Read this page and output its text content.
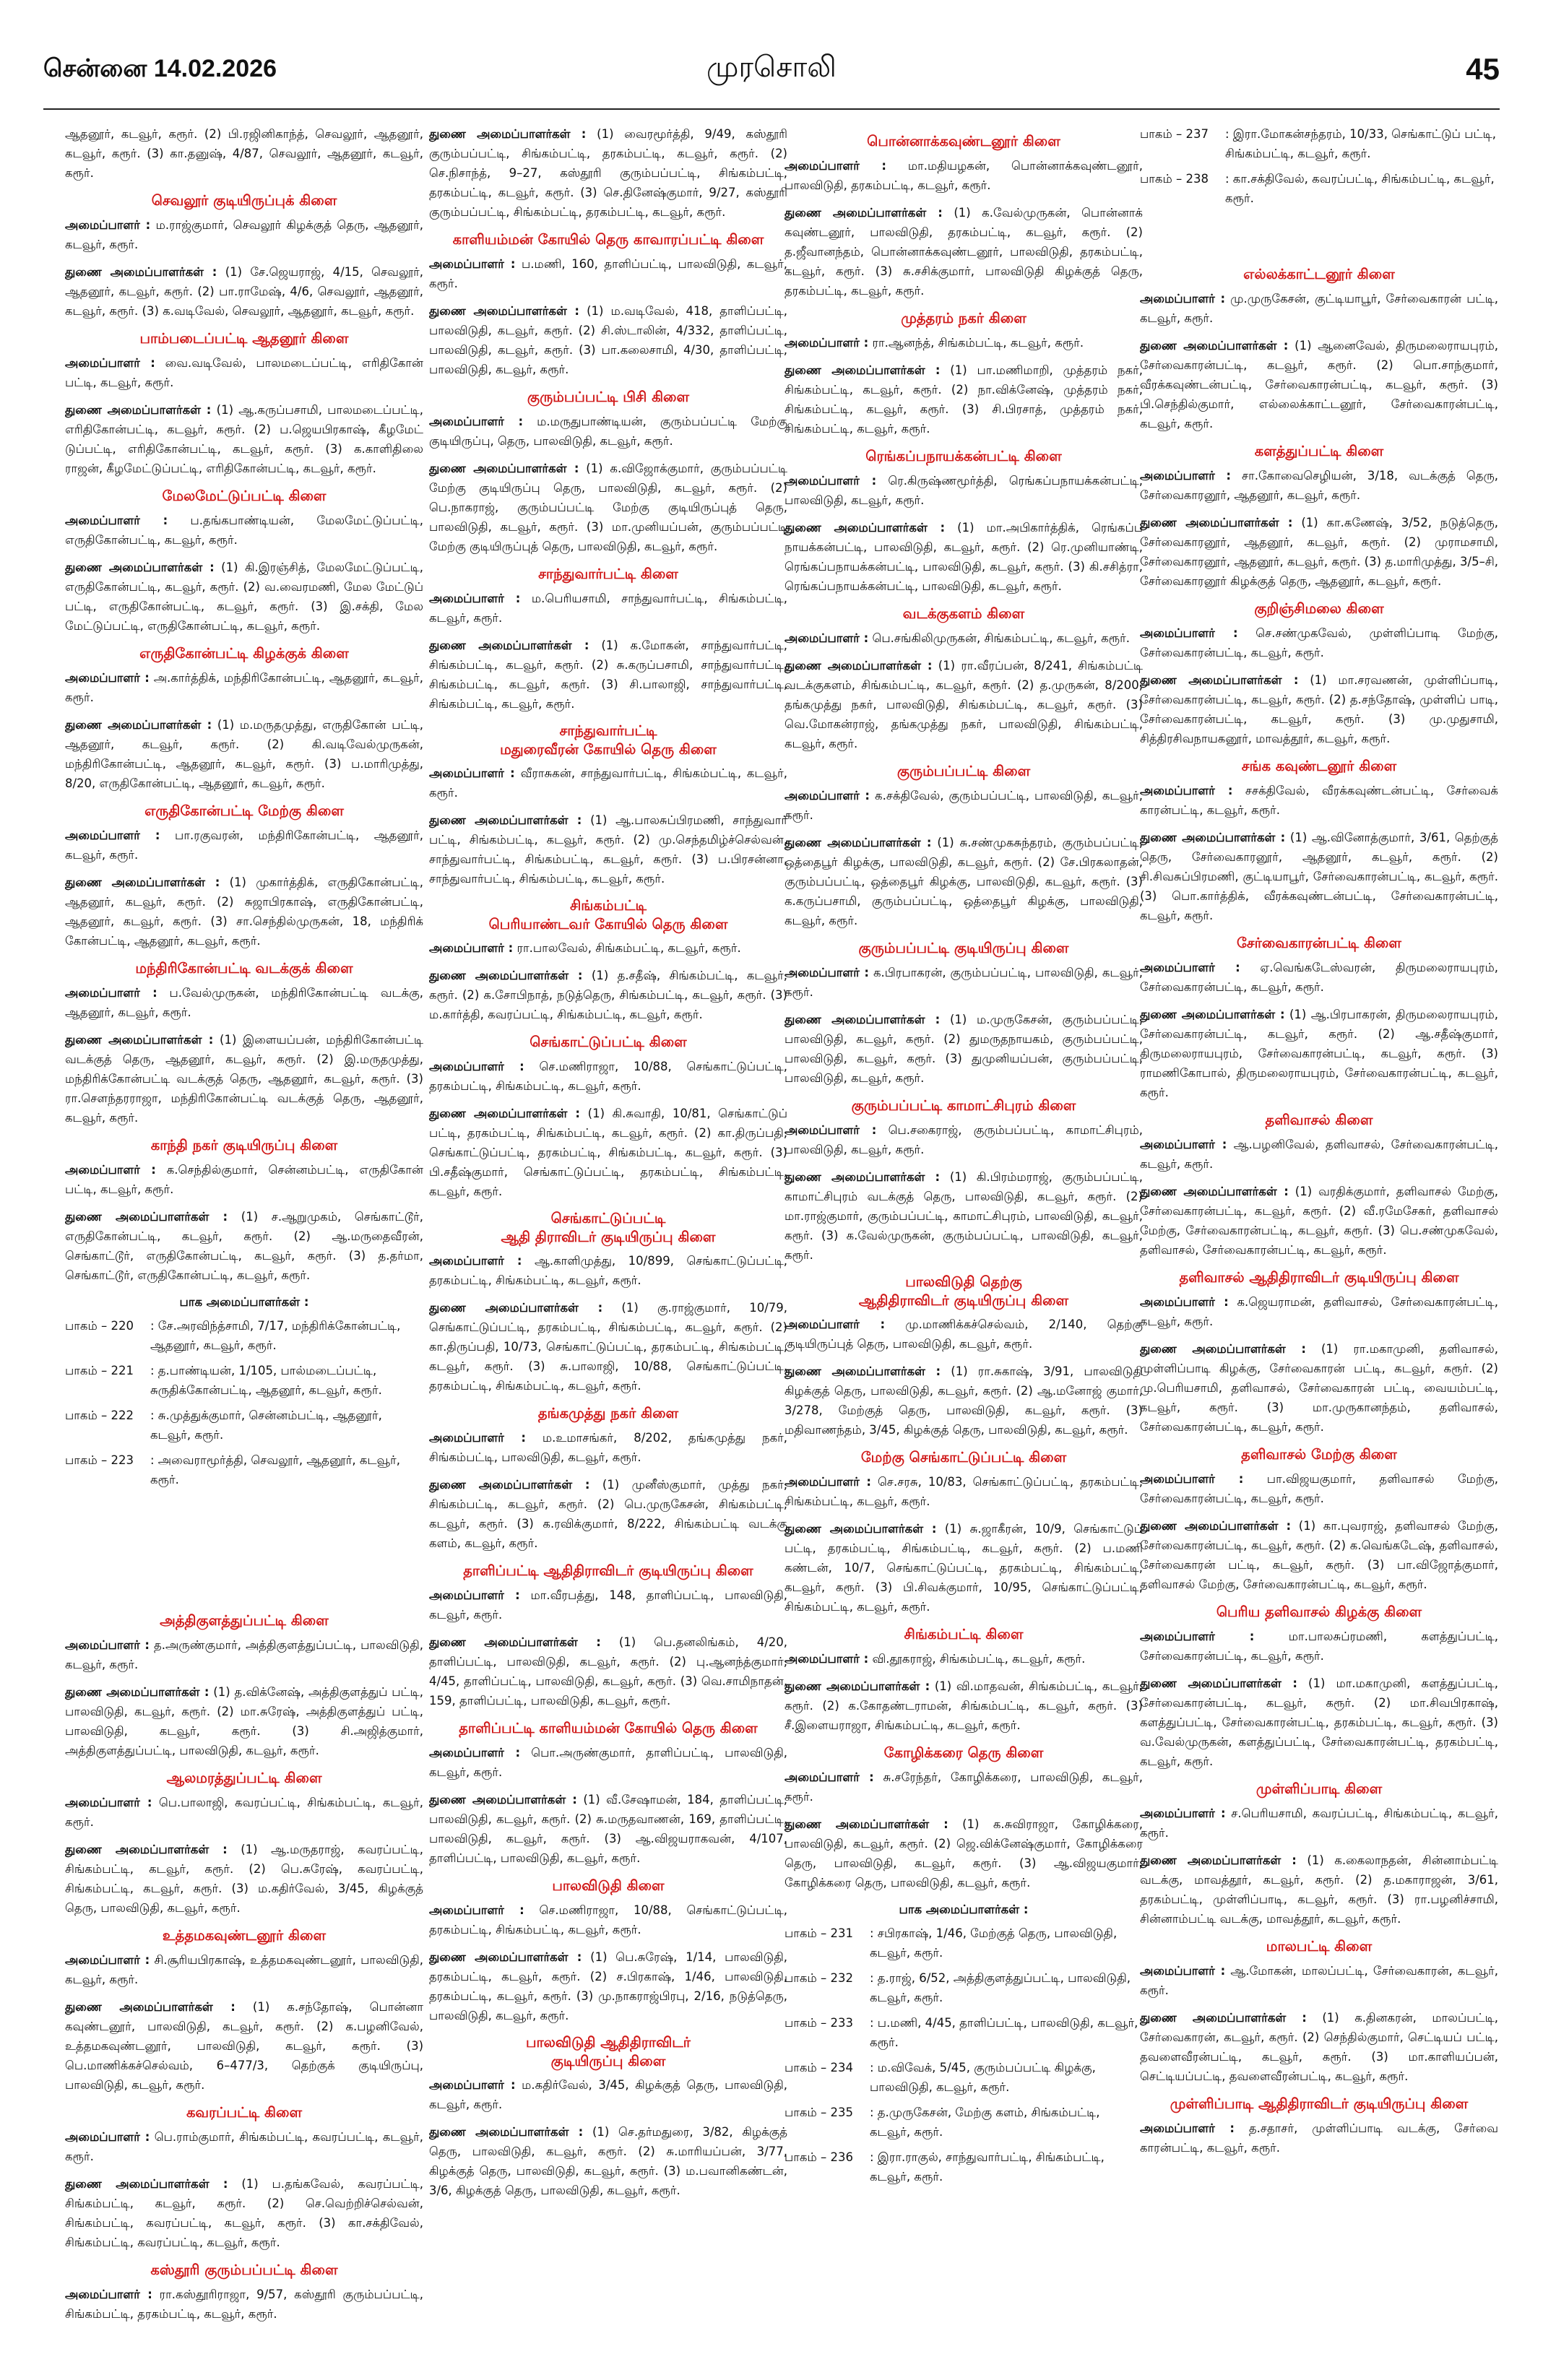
சென்னை 14.02.2026	முரசொலி	45

ஆதனூர், கடவூர், கரூர். (2) பி.ரஜினிகாந்த், செவலூர், ஆதனூர், கடவூர், கரூர். (3) கா.தனுஷ், 4/87, செவலூர், ஆதனூர், கடவூர், கரூர்.

செவலூர் குடியிருப்புக் கிளை

அமைப்பாளர் : ம.ராஜ்குமார், செவலூர் கிழக்குத் தெரு, ஆதனூர், கடவூர், கரூர்.

துணை அமைப்பாளர்கள் : (1) சே.ஜெயராஜ், 4/15, செவலூர், ஆதனூர், கடவூர், கரூர். (2) பா.ராமேஷ், 4/6, செவலூர், ஆதனூர், கடவூர், கரூர். (3) க.வடிவேல், செவலூர், ஆதனூர், கடவூர், கரூர்.

பாம்படைப்பட்டி ஆதனூர் கிளை

அமைப்பாளர் : வை.வடிவேல், பாலமடைப்பட்டி, எரிதிகோன் பட்டி, கடவூர், கரூர்.

துணை அமைப்பாளர்கள் : (1) ஆ.கருப்பசாமி, பாலமடைப்பட்டி, எரிதிகோன்பட்டி, கடவூர், கரூர். (2) ப.ஜெயபிரகாஷ், கீழமேட் டுப்பட்டி, எரிதிகோன்பட்டி, கடவூர், கரூர். (3) க.காளிதிலை ராஜன், கீழமேட்டுப்பட்டி, எரிதிகோன்பட்டி, கடவூர், கரூர்.

மேலமேட்டுப்பட்டி கிளை

அமைப்பாளர் : ப.தங்கபாண்டியன், மேலமேட்டுப்பட்டி, எருதிகோன்பட்டி, கடவூர், கரூர்.

துணை அமைப்பாளர்கள் : (1) கி.இரஞ்சித், மேலமேட்டுப்பட்டி, எருதிகோன்பட்டி, கடவூர், கரூர். (2) வ.வைரமணி, மேல மேட்டுப் பட்டி, எருதிகோன்பட்டி, கடவூர், கரூர். (3) இ.சக்தி, மேல மேட்டுப்பட்டி, எருதிகோன்பட்டி, கடவூர், கரூர்.

எருதிகோன்பட்டி கிழக்குக் கிளை

அமைப்பாளர் : அ.கார்த்திக், மந்திரிகோன்பட்டி, ஆதனூர், கடவூர், கரூர்.

துணை அமைப்பாளர்கள் : (1) ம.மருதமுத்து, எருதிகோன் பட்டி, ஆதனூர், கடவூர், கரூர். (2) கி.வடிவேல்முருகன், மந்திரிகோன்பட்டி, ஆதனூர், கடவூர், கரூர். (3) ப.மாரிமுத்து, 8/20, எருதிகோன்பட்டி, ஆதனூர், கடவூர், கரூர்.

எருதிகோன்பட்டி மேற்கு கிளை

அமைப்பாளர் : பா.ரகுவரன், மந்திரிகோன்பட்டி, ஆதனூர், கடவூர், கரூர்.

துணை அமைப்பாளர்கள் : (1) முகார்த்திக், எருதிகோன்பட்டி, ஆதனூர், கடவூர், கரூர். (2) சுஜாபிரகாஷ், எருதிகோன்பட்டி, ஆதனூர், கடவூர், கரூர். (3) சா.செந்தில்முருகன், 18, மந்திரிக் கோன்பட்டி, ஆதனூர், கடவூர், கரூர்.

மந்திரிகோன்பட்டி வடக்குக் கிளை

அமைப்பாளர் : ப.வேல்முருகன், மந்திரிகோன்பட்டி வடக்கு, ஆதனூர், கடவூர், கரூர்.

துணை அமைப்பாளர்கள் : (1) இளையப்பன், மந்திரிகோன்பட்டி வடக்குத் தெரு, ஆதனூர், கடவூர், கரூர். (2) இ.மருதமுத்து, மந்திரிக்கோன்பட்டி வடக்குத் தெரு, ஆதனூர், கடவூர், கரூர். (3) ரா.செளந்தரராஜா, மந்திரிகோன்பட்டி வடக்குத் தெரு, ஆதனூர், கடவூர், கரூர்.

காந்தி நகர் குடியிருப்பு கிளை

அமைப்பாளர் : க.செந்தில்குமார், சென்னம்பட்டி, எருதிகோன் பட்டி, கடவூர், கரூர்.

துணை அமைப்பாளர்கள் : (1) ச.ஆறுமுகம், செங்காட்டூர், எருதிகோன்பட்டி, கடவூர், கரூர். (2) ஆ.மருதைவீரன், செங்காட்டூர், எருதிகோன்பட்டி, கடவூர், கரூர். (3) த.தர்மா, செங்காட்டூர், எருதிகோன்பட்டி, கடவூர், கரூர்.

பாக அமைப்பாளர்கள் :
பாகம் – 220	: சே.அரவிந்த்சாமி, 7/17, மந்திரிக்கோன்பட்டி, ஆதனூர், கடவூர், கரூர்.
பாகம் – 221	: த.பாண்டியன், 1/105, பால்மடைப்பட்டி, சுருதிக்கோன்பட்டி, ஆதனூர், கடவூர், கரூர்.
பாகம் – 222	: சு.முத்துக்குமார், சென்னம்பட்டி, ஆதனூர், கடவூர், கரூர்.
பாகம் – 223	: அவைராமூர்த்தி, செவலூர், ஆதனூர், கடவூர், கரூர்.
அத்திகுளத்துப்பட்டி கிளை

அமைப்பாளர் : த.அருண்குமார், அத்திகுளத்துப்பட்டி, பாலவிடுதி, கடவூர், கரூர்.

துணை அமைப்பாளர்கள் : (1) த.விக்னேஷ், அத்திகுளத்துப் பட்டி, பாலவிடுதி, கடவூர், கரூர். (2) மா.சுரேஷ், அத்திகுளத்துப் பட்டி, பாலவிடுதி, கடவூர், கரூர். (3) சி.அஜித்குமார், அத்திகுளத்துப்பட்டி, பாலவிடுதி, கடவூர், கரூர்.

ஆலமரத்துப்பட்டி கிளை

அமைப்பாளர் : பெ.பாலாஜி, கவரப்பட்டி, சிங்கம்பட்டி, கடவூர், கரூர்.

துணை அமைப்பாளர்கள் : (1) ஆ.மருதராஜ், கவரப்பட்டி, சிங்கம்பட்டி, கடவூர், கரூர். (2) பெ.சுரேஷ், கவரப்பட்டி, சிங்கம்பட்டி, கடவூர், கரூர். (3) ம.கதிர்வேல், 3/45, கிழக்குத் தெரு, பாலவிடுதி, கடவூர், கரூர்.

உத்தமகவுண்டனூர் கிளை

அமைப்பாளர் : சி.சூரியபிரகாஷ், உத்தமகவுண்டனூர், பாலவிடுதி, கடவூர், கரூர்.

துணை அமைப்பாளர்கள் : (1) க.சந்தோஷ், பொன்னா கவுண்டனூர், பாலவிடுதி, கடவூர், கரூர். (2) க.பழனிவேல், உத்தமகவுண்டனூர், பாலவிடுதி, கடவூர், கரூர். (3) பெ.மாணிக்கச்செல்வம், 6–477/3, தெற்குக் குடியிருப்பு, பாலவிடுதி, கடவூர், கரூர்.

கவரப்பட்டி கிளை

அமைப்பாளர் : பெ.ராம்குமார், சிங்கம்பட்டி, கவரப்பட்டி, கடவூர், கரூர்.

துணை அமைப்பாளர்கள் : (1) ப.தங்கவேல், கவரப்பட்டி, சிங்கம்பட்டி, கடவூர், கரூர். (2) செ.வெற்றிச்செல்வன், சிங்கம்பட்டி, கவரப்பட்டி, கடவூர், கரூர். (3) கா.சக்திவேல், சிங்கம்பட்டி, கவரப்பட்டி, கடவூர், கரூர்.

கஸ்தூரி குரும்பப்பட்டி கிளை

அமைப்பாளர் : ரா.கஸ்தூரிராஜா, 9/57, கஸ்தூரி குரும்பப்பட்டி, சிங்கம்பட்டி, தரகம்பட்டி, கடவூர், கரூர்.

துணை அமைப்பாளர்கள் : (1) வைரமூர்த்தி, 9/49, கஸ்தூரி குரும்பப்பட்டி, சிங்கம்பட்டி, தரகம்பட்டி, கடவூர், கரூர். (2) செ.நிசாந்த், 9–27, கஸ்தூரி குரும்பப்பட்டி, சிங்கம்பட்டி, தரகம்பட்டி, கடவூர், கரூர். (3) செ.தினேஷ்குமார், 9/27, கஸ்தூரி குரும்பப்பட்டி, சிங்கம்பட்டி, தரகம்பட்டி, கடவூர், கரூர்.

காளியம்மன் கோயில் தெரு காவாரப்பட்டி கிளை

அமைப்பாளர் : ப.மணி, 160, தாளிப்பட்டி, பாலவிடுதி, கடவூர், கரூர்.

துணை அமைப்பாளர்கள் : (1) ம.வடிவேல், 418, தாளிப்பட்டி, பாலவிடுதி, கடவூர், கரூர். (2) சி.ஸ்டாலின், 4/332, தாளிப்பட்டி, பாலவிடுதி, கடவூர், கரூர். (3) பா.கலைசாமி, 4/30, தாளிப்பட்டி, பாலவிடுதி, கடவூர், கரூர்.

குரும்பப்பட்டி பிசி கிளை

அமைப்பாளர் : ம.மருதுபாண்டியன், குரும்பப்பட்டி மேற்கு குடியிருப்பு, தெரு, பாலவிடுதி, கடவூர், கரூர்.

துணை அமைப்பாளர்கள் : (1) க.விஜோக்குமார், குரும்பப்பட்டி மேற்கு குடியிருப்பு தெரு, பாலவிடுதி, கடவூர், கரூர். (2) பெ.நாகராஜ், குரும்பப்பட்டி மேற்கு குடியிருப்புத் தெரு, பாலவிடுதி, கடவூர், கரூர். (3) மா.முனியப்பன், குரும்பப்பட்டி மேற்கு குடியிருப்புத் தெரு, பாலவிடுதி, கடவூர், கரூர்.

சாந்துவார்பட்டி கிளை

அமைப்பாளர் : ம.பெரியசாமி, சாந்துவார்பட்டி, சிங்கம்பட்டி, கடவூர், கரூர்.

துணை அமைப்பாளர்கள் : (1) க.மோகன், சாந்துவார்பட்டி, சிங்கம்பட்டி, கடவூர், கரூர். (2) சு.கருப்பசாமி, சாந்துவார்பட்டி, சிங்கம்பட்டி, கடவூர், கரூர். (3) சி.பாலாஜி, சாந்துவார்பட்டி, சிங்கம்பட்டி, கடவூர், கரூர்.

சாந்துவார்பட்டி
மதுரைவீரன் கோயில் தெரு கிளை

அமைப்பாளர் : வீராசுகன், சாந்துவார்பட்டி, சிங்கம்பட்டி, கடவூர், கரூர்.

துணை அமைப்பாளர்கள் : (1) ஆ.பாலசுப்பிரமணி, சாந்துவார் பட்டி, சிங்கம்பட்டி, கடவூர், கரூர். (2) மு.செந்தமிழ்ச்செல்வன், சாந்துவார்பட்டி, சிங்கம்பட்டி, கடவூர், கரூர். (3) ப.பிரசன்னா, சாந்துவார்பட்டி, சிங்கம்பட்டி, கடவூர், கரூர்.

சிங்கம்பட்டி
பெரியாண்டவர் கோயில் தெரு கிளை

அமைப்பாளர் : ரா.பாலவேல், சிங்கம்பட்டி, கடவூர், கரூர்.

துணை அமைப்பாளர்கள் : (1) த.சதீஷ், சிங்கம்பட்டி, கடவூர், கரூர். (2) க.சோபிநாத், நடுத்தெரு, சிங்கம்பட்டி, கடவூர், கரூர். (3) ம.கார்த்தி, கவரப்பட்டி, சிங்கம்பட்டி, கடவூர், கரூர்.

செங்காட்டுப்பட்டி கிளை

அமைப்பாளர் : செ.மணிராஜா, 10/88, செங்காட்டுப்பட்டி, தரகம்பட்டி, சிங்கம்பட்டி, கடவூர், கரூர்.

துணை அமைப்பாளர்கள் : (1) கி.சுவாதி, 10/81, செங்காட்டுப் பட்டி, தரகம்பட்டி, சிங்கம்பட்டி, கடவூர், கரூர். (2) கா.திருப்பதி, செங்காட்டுப்பட்டி, தரகம்பட்டி, சிங்கம்பட்டி, கடவூர், கரூர். (3) பி.சதீஷ்குமார், செங்காட்டுப்பட்டி, தரகம்பட்டி, சிங்கம்பட்டி, கடவூர், கரூர்.

செங்காட்டுப்பட்டி
ஆதி திராவிடர் குடியிருப்பு கிளை

அமைப்பாளர் : ஆ.காளிமுத்து, 10/899, செங்காட்டுப்பட்டி, தரகம்பட்டி, சிங்கம்பட்டி, கடவூர், கரூர்.

துணை அமைப்பாளர்கள் : (1) கு.ராஜ்குமார், 10/79, செங்காட்டுப்பட்டி, தரகம்பட்டி, சிங்கம்பட்டி, கடவூர், கரூர். (2) கா.திருப்பதி, 10/73, செங்காட்டுப்பட்டி, தரகம்பட்டி, சிங்கம்பட்டி, கடவூர், கரூர். (3) சு.பாலாஜி, 10/88, செங்காட்டுப்பட்டி, தரகம்பட்டி, சிங்கம்பட்டி, கடவூர், கரூர்.

தங்கமுத்து நகர் கிளை

அமைப்பாளர் : ம.உமாசங்கர், 8/202, தங்கமுத்து நகர், சிங்கம்பட்டி, பாலவிடுதி, கடவூர், கரூர்.

துணை அமைப்பாளர்கள் : (1) முனீஸ்குமார், முத்து நகர், சிங்கம்பட்டி, கடவூர், கரூர். (2) பெ.முருகேசன், சிங்கம்பட்டி, கடவூர், கரூர். (3) க.ரவிக்குமார், 8/222, சிங்கம்பட்டி வடக்கு களம், கடவூர், கரூர்.

தாளிப்பட்டி ஆதிதிராவிடர் குடியிருப்பு கிளை

அமைப்பாளர் : மா.வீரபத்து, 148, தாளிப்பட்டி, பாலவிடுதி, கடவூர், கரூர்.

துணை அமைப்பாளர்கள் : (1) பெ.தனலிங்கம், 4/20, தாளிப்பட்டி, பாலவிடுதி, கடவூர், கரூர். (2) பு.ஆனந்த்குமார், 4/45, தாளிப்பட்டி, பாலவிடுதி, கடவூர், கரூர். (3) வெ.சாமிநாதன், 159, தாளிப்பட்டி, பாலவிடுதி, கடவூர், கரூர்.

தாளிப்பட்டி காளியம்மன் கோயில் தெரு கிளை

அமைப்பாளர் : பொ.அருண்குமார், தாளிப்பட்டி, பாலவிடுதி, கடவூர், கரூர்.

துணை அமைப்பாளர்கள் : (1) வீ.சேஷாமன், 184, தாளிப்பட்டி, பாலவிடுதி, கடவூர், கரூர். (2) சு.மருதவாணன், 169, தாளிப்பட்டி, பாலவிடுதி, கடவூர், கரூர். (3) ஆ.விஜயராகவன், 4/107, தாளிப்பட்டி, பாலவிடுதி, கடவூர், கரூர்.

பாலவிடுதி கிளை

அமைப்பாளர் : செ.மணிராஜா, 10/88, செங்காட்டுப்பட்டி, தரகம்பட்டி, சிங்கம்பட்டி, கடவூர், கரூர்.

துணை அமைப்பாளர்கள் : (1) பெ.சுரேஷ், 1/14, பாலவிடுதி, தரகம்பட்டி, கடவூர், கரூர். (2) ச.பிரகாஷ், 1/46, பாலவிடுதி, தரகம்பட்டி, கடவூர், கரூர். (3) மு.நாகராஜ்பிரபு, 2/16, நடுத்தெரு, பாலவிடுதி, கடவூர், கரூர்.

பாலவிடுதி ஆதிதிராவிடர்
குடியிருப்பு கிளை

அமைப்பாளர் : ம.கதிர்வேல், 3/45, கிழக்குத் தெரு, பாலவிடுதி, கடவூர், கரூர்.

துணை அமைப்பாளர்கள் : (1) செ.தர்மதுரை, 3/82, கிழக்குத் தெரு, பாலவிடுதி, கடவூர், கரூர். (2) சு.மாரியப்பன், 3/77, கிழக்குத் தெரு, பாலவிடுதி, கடவூர், கரூர். (3) ம.பவானிகண்டன், 3/6, கிழக்குத் தெரு, பாலவிடுதி, கடவூர், கரூர்.

பொன்னாக்கவுண்டனூர் கிளை

அமைப்பாளர் : மா.மதியழகன், பொன்னாக்கவுண்டனூர், பாலவிடுதி, தரகம்பட்டி, கடவூர், கரூர்.

துணை அமைப்பாளர்கள் : (1) க.வேல்முருகன், பொன்னாக் கவுண்டனூர், பாலவிடுதி, தரகம்பட்டி, கடவூர், கரூர். (2) த.ஜீவானந்தம், பொன்னாக்கவுண்டனூர், பாலவிடுதி, தரகம்பட்டி, கடவூர், கரூர். (3) சு.சசிக்குமார், பாலவிடுதி கிழக்குத் தெரு, தரகம்பட்டி, கடவூர், கரூர்.

முத்தரம் நகர் கிளை

அமைப்பாளர் : ரா.ஆனந்த், சிங்கம்பட்டி, கடவூர், கரூர்.

துணை அமைப்பாளர்கள் : (1) பா.மணிமாறி, முத்தரம் நகர், சிங்கம்பட்டி, கடவூர், கரூர். (2) நா.விக்னேஷ், முத்தரம் நகர், சிங்கம்பட்டி, கடவூர், கரூர். (3) சி.பிரசாத், முத்தரம் நகர், சிங்கம்பட்டி, கடவூர், கரூர்.

ரெங்கப்பநாயக்கன்பட்டி கிளை

அமைப்பாளர் : ரெ.கிருஷ்ணமூர்த்தி, ரெங்கப்பநாயக்கன்பட்டி, பாலவிடுதி, கடவூர், கரூர்.

துணை அமைப்பாளர்கள் : (1) மா.அபிகார்த்திக், ரெங்கப்ப நாயக்கன்பட்டி, பாலவிடுதி, கடவூர், கரூர். (2) ரெ.முனியாண்டி, ரெங்கப்பநாயக்கன்பட்டி, பாலவிடுதி, கடவூர், கரூர். (3) கி.சசித்ரா, ரெங்கப்பநாயக்கன்பட்டி, பாலவிடுதி, கடவூர், கரூர்.

வடக்குகளம் கிளை

அமைப்பாளர் : பெ.சங்கிலிமுருகன், சிங்கம்பட்டி, கடவூர், கரூர்.

துணை அமைப்பாளர்கள் : (1) ரா.வீரப்பன், 8/241, சிங்கம்பட்டி வடக்குகளம், சிங்கம்பட்டி, கடவூர், கரூர். (2) த.முருகன், 8/200, தங்கமுத்து நகர், பாலவிடுதி, சிங்கம்பட்டி, கடவூர், கரூர். (3) வெ.மோகன்ராஜ், தங்கமுத்து நகர், பாலவிடுதி, சிங்கம்பட்டி, கடவூர், கரூர்.

குரும்பப்பட்டி கிளை

அமைப்பாளர் : க.சக்திவேல், குரும்பப்பட்டி, பாலவிடுதி, கடவூர், கரூர்.

துணை அமைப்பாளர்கள் : (1) சு.சண்முகசுந்தரம், குரும்பப்பட்டி, ஒத்தைபூர் கிழக்கு, பாலவிடுதி, கடவூர், கரூர். (2) சே.பிரகலாதன், குரும்பப்பட்டி, ஒத்தைபூர் கிழக்கு, பாலவிடுதி, கடவூர், கரூர். (3) க.கருப்பசாமி, குரும்பப்பட்டி, ஒத்தைபூர் கிழக்கு, பாலவிடுதி, கடவூர், கரூர்.

குரும்பப்பட்டி குடியிருப்பு கிளை

அமைப்பாளர் : க.பிரபாகரன், குரும்பப்பட்டி, பாலவிடுதி, கடவூர், கரூர்.

துணை அமைப்பாளர்கள் : (1) ம.முருகேசன், குரும்பப்பட்டி, பாலவிடுதி, கடவூர், கரூர். (2) துமருதநாயகம், குரும்பப்பட்டி, பாலவிடுதி, கடவூர், கரூர். (3) துமுனியப்பன், குரும்பப்பட்டி, பாலவிடுதி, கடவூர், கரூர்.

குரும்பப்பட்டி காமாட்சிபுரம் கிளை

அமைப்பாளர் : பெ.சகைராஜ், குரும்பப்பட்டி, காமாட்சிபுரம், பாலவிடுதி, கடவூர், கரூர்.

துணை அமைப்பாளர்கள் : (1) கி.பிரம்மராஜ், குரும்பப்பட்டி, காமாட்சிபுரம் வடக்குத் தெரு, பாலவிடுதி, கடவூர், கரூர். (2) மா.ராஜ்குமார், குரும்பப்பட்டி, காமாட்சிபுரம், பாலவிடுதி, கடவூர், கரூர். (3) க.வேல்முருகன், குரும்பப்பட்டி, பாலவிடுதி, கடவூர், கரூர்.

பாலவிடுதி தெற்கு
ஆதிதிராவிடர் குடியிருப்பு கிளை

அமைப்பாளர் : மு.மாணிக்கச்செல்வம், 2/140, தெற்கு குடியிருப்புத் தெரு, பாலவிடுதி, கடவூர், கரூர்.

துணை அமைப்பாளர்கள் : (1) ரா.சுகாஷ், 3/91, பாலவிடுதி கிழக்குத் தெரு, பாலவிடுதி, கடவூர், கரூர். (2) ஆ.மனோஜ் குமார், 3/278, மேற்குத் தெரு, பாலவிடுதி, கடவூர், கரூர். (3) மதிவாணந்தம், 3/45, கிழக்குத் தெரு, பாலவிடுதி, கடவூர், கரூர்.

மேற்கு செங்காட்டுப்பட்டி கிளை

அமைப்பாளர் : செ.சரசு, 10/83, செங்காட்டுப்பட்டி, தரகம்பட்டி, சிங்கம்பட்டி, கடவூர், கரூர்.

துணை அமைப்பாளர்கள் : (1) சு.ஜாகீரன், 10/9, செங்காட்டுப் பட்டி, தரகம்பட்டி, சிங்கம்பட்டி, கடவூர், கரூர். (2) ப.மணி கண்டன், 10/7, செங்காட்டுப்பட்டி, தரகம்பட்டி, சிங்கம்பட்டி, கடவூர், கரூர். (3) பி.சிவக்குமார், 10/95, செங்காட்டுப்பட்டி, சிங்கம்பட்டி, கடவூர், கரூர்.

சிங்கம்பட்டி கிளை

அமைப்பாளர் : வி.தூகராஜ், சிங்கம்பட்டி, கடவூர், கரூர்.

துணை அமைப்பாளர்கள் : (1) வி.மாதவன், சிங்கம்பட்டி, கடவூர், கரூர். (2) க.கோதண்டராமன், சிங்கம்பட்டி, கடவூர், கரூர். (3) சீ.இளையராஜா, சிங்கம்பட்டி, கடவூர், கரூர்.

கோழிக்கரை தெரு கிளை

அமைப்பாளர் : சு.சரேந்தர், கோழிக்கரை, பாலவிடுதி, கடவூர், கரூர்.

துணை அமைப்பாளர்கள் : (1) க.சுவிராஜா, கோழிக்கரை, பாலவிடுதி, கடவூர், கரூர். (2) ஜெ.விக்னேஷ்குமார், கோழிக்கரை தெரு, பாலவிடுதி, கடவூர், கரூர். (3) ஆ.விஜயகுமார், கோழிக்கரை தெரு, பாலவிடுதி, கடவூர், கரூர்.

பாக அமைப்பாளர்கள் :
பாகம் – 231	: சபிரகாஷ், 1/46, மேற்குத் தெரு, பாலவிடுதி, கடவூர், கரூர்.
பாகம் – 232	: த.ராஜ், 6/52, அத்திகுளத்துப்பட்டி, பாலவிடுதி, கடவூர், கரூர்.
பாகம் – 233	: ப.மணி, 4/45, தாளிப்பட்டி, பாலவிடுதி, கடவூர், கரூர்.
பாகம் – 234	: ம.விவேக், 5/45, குரும்பப்பட்டி கிழக்கு, பாலவிடுதி, கடவூர், கரூர்.
பாகம் – 235	: த.முருகேசன், மேற்கு களம், சிங்கம்பட்டி, கடவூர், கரூர்.
பாகம் – 236	: இரா.ராகுல், சாந்துவார்பட்டி, சிங்கம்பட்டி, கடவூர், கரூர்.
பாகம் – 237	: இரா.மோகன்சந்தரம், 10/33, செங்காட்டுப் பட்டி, சிங்கம்பட்டி, கடவூர், கரூர்.
பாகம் – 238	: கா.சக்திவேல், கவரப்பட்டி, சிங்கம்பட்டி, கடவூர், கரூர்.
எல்லக்காட்டனூர் கிளை

அமைப்பாளர் : மு.முருகேசன், குட்டியாபூர், சேர்வைகாரன் பட்டி, கடவூர், கரூர்.

துணை அமைப்பாளர்கள் : (1) ஆனைவேல், திருமலைராயபுரம், சேர்வைகாரன்பட்டி, கடவூர், கரூர். (2) பொ.சாந்குமார், வீரக்கவுண்டன்பட்டி, சேர்வைகாரன்பட்டி, கடவூர், கரூர். (3) பி.செந்தில்குமார், எல்லைக்காட்டனூர், சேர்வைகாரன்பட்டி, கடவூர், கரூர்.

களத்துப்பட்டி கிளை

அமைப்பாளர் : சா.கோவைசெழியன், 3/18, வடக்குத் தெரு, சேர்வைகாரனூர், ஆதனூர், கடவூர், கரூர்.

துணை அமைப்பாளர்கள் : (1) கா.கணேஷ், 3/52, நடுத்தெரு, சேர்வைகாரனூர், ஆதனூர், கடவூர், கரூர். (2) முராமசாமி, சேர்வைகாரனூர், ஆதனூர், கடவூர், கரூர். (3) த.மாரிமுத்து, 3/5–சி, சேர்வைகாரனூர் கிழக்குத் தெரு, ஆதனூர், கடவூர், கரூர்.

குறிஞ்சிமலை கிளை

அமைப்பாளர் : செ.சண்முகவேல், முள்ளிப்பாடி மேற்கு, சேர்வைகாரன்பட்டி, கடவூர், கரூர்.

துணை அமைப்பாளர்கள் : (1) மா.சரவணன், முள்ளிப்பாடி, சேர்வைகாரன்பட்டி, கடவூர், கரூர். (2) த.சந்தோஷ், முள்ளிப் பாடி, சேர்வைகாரன்பட்டி, கடவூர், கரூர். (3) மு.முதுசாமி, சித்திரசிவநாயகனூர், மாவத்தூர், கடவூர், கரூர்.

சங்க கவுண்டனூர் கிளை

அமைப்பாளர் : சசக்திவேல், வீரக்கவுண்டன்பட்டி, சேர்வைக் காரன்பட்டி, கடவூர், கரூர்.

துணை அமைப்பாளர்கள் : (1) ஆ.வினோத்குமார், 3/61, தெற்குத் தெரு, சேர்வைகாரனூர், ஆதனூர், கடவூர், கரூர். (2) சி.சிவசுப்பிரமணி, குட்டியாபூர், சேர்வைகாரன்பட்டி, கடவூர், கரூர். (3) பொ.கார்த்திக், வீரக்கவுண்டன்பட்டி, சேர்வைகாரன்பட்டி, கடவூர், கரூர்.

சேர்வைகாரன்பட்டி கிளை

அமைப்பாளர் : ஏ.வெங்கடேஸ்வரன், திருமலைராயபுரம், சேர்வைகாரன்பட்டி, கடவூர், கரூர்.

துணை அமைப்பாளர்கள் : (1) ஆ.பிரபாகரன், திருமலைராயபுரம், சேர்வைகாரன்பட்டி, கடவூர், கரூர். (2) ஆ.சதீஷ்குமார், திருமலைராயபுரம், சேர்வைகாரன்பட்டி, கடவூர், கரூர். (3) ராமணிகோபால், திருமலைராயபுரம், சேர்வைகாரன்பட்டி, கடவூர், கரூர்.

தளிவாசல் கிளை

அமைப்பாளர் : ஆ.பழனிவேல், தளிவாசல், சேர்வைகாரன்பட்டி, கடவூர், கரூர்.

துணை அமைப்பாளர்கள் : (1) வரதிக்குமார், தளிவாசல் மேற்கு, சேர்வைகாரன்பட்டி, கடவூர், கரூர். (2) வீ.ரமேசேகர், தளிவாசல் மேற்கு, சேர்வைகாரன்பட்டி, கடவூர், கரூர். (3) பெ.சண்முகவேல், தளிவாசல், சேர்வைகாரன்பட்டி, கடவூர், கரூர்.

தளிவாசல் ஆதிதிராவிடர் குடியிருப்பு கிளை

அமைப்பாளர் : க.ஜெயராமன், தளிவாசல், சேர்வைகாரன்பட்டி, கடவூர், கரூர்.

துணை அமைப்பாளர்கள் : (1) ரா.மகாமுனி, தளிவாசல், முள்ளிப்பாடி கிழக்கு, சேர்வைகாரன் பட்டி, கடவூர், கரூர். (2) மு.பெரியசாமி, தளிவாசல், சேர்வைகாரன் பட்டி, வையம்பட்டி, கடவூர், கரூர். (3) மா.முருகானந்தம், தளிவாசல், சேர்வைகாரன்பட்டி, கடவூர், கரூர்.

தளிவாசல் மேற்கு கிளை

அமைப்பாளர் : பா.விஜயகுமார், தளிவாசல் மேற்கு, சேர்வைகாரன்பட்டி, கடவூர், கரூர்.

துணை அமைப்பாளர்கள் : (1) கா.புவராஜ், தளிவாசல் மேற்கு, சேர்வைகாரன்பட்டி, கடவூர், கரூர். (2) க.வெங்கடேஷ், தளிவாசல், சேர்வைகாரன் பட்டி, கடவூர், கரூர். (3) பா.விஜோத்குமார், தளிவாசல் மேற்கு, சேர்வைகாரன்பட்டி, கடவூர், கரூர்.

பெரிய தளிவாசல் கிழக்கு கிளை

அமைப்பாளர் :	மா.பாலசுப்ரமணி, களத்துப்பட்டி, சேர்வைகாரன்பட்டி, கடவூர், கரூர்.

துணை அமைப்பாளர்கள் : (1) மா.மகாமுனி, களத்துப்பட்டி, சேர்வைகாரன்பட்டி, கடவூர், கரூர். (2) மா.சிவபிரகாஷ், களத்துப்பட்டி, சேர்வைகாரன்பட்டி, தரகம்பட்டி, கடவூர், கரூர். (3) வ.வேல்முருகன், களத்துப்பட்டி, சேர்வைகாரன்பட்டி, தரகம்பட்டி, கடவூர், கரூர்.

முள்ளிப்பாடி கிளை

அமைப்பாளர் : ச.பெரியசாமி, கவரப்பட்டி, சிங்கம்பட்டி, கடவூர், கரூர்.

துணை அமைப்பாளர்கள் : (1) க.கைலாநதன், சின்னாம்பட்டி வடக்கு, மாவத்தூர், கடவூர், கரூர். (2) த.மகாராஜன், 3/61, தரகம்பட்டி, முள்ளிப்பாடி, கடவூர், கரூர். (3) ரா.பழனிச்சாமி, சின்னாம்பட்டி வடக்கு, மாவத்தூர், கடவூர், கரூர்.

மாலபட்டி கிளை

அமைப்பாளர் : ஆ.மோகன், மாலப்பட்டி, சேர்வைகாரன், கடவூர், கரூர்.

துணை அமைப்பாளர்கள் : (1) க.தினகரன், மாலப்பட்டி, சேர்வைகாரன், கடவூர், கரூர். (2) செந்தில்குமார், செட்டியப் பட்டி, தவளைவீரன்பட்டி, கடவூர், கரூர். (3) மா.காளியப்பன், செட்டியப்பட்டி, தவளைவீரன்பட்டி, கடவூர், கரூர்.

முள்ளிப்பாடி ஆதிதிராவிடர் குடியிருப்பு கிளை

அமைப்பாளர் : த.சதாசர், முள்ளிப்பாடி வடக்கு, சேர்வை காரன்பட்டி, கடவூர், கரூர்.
